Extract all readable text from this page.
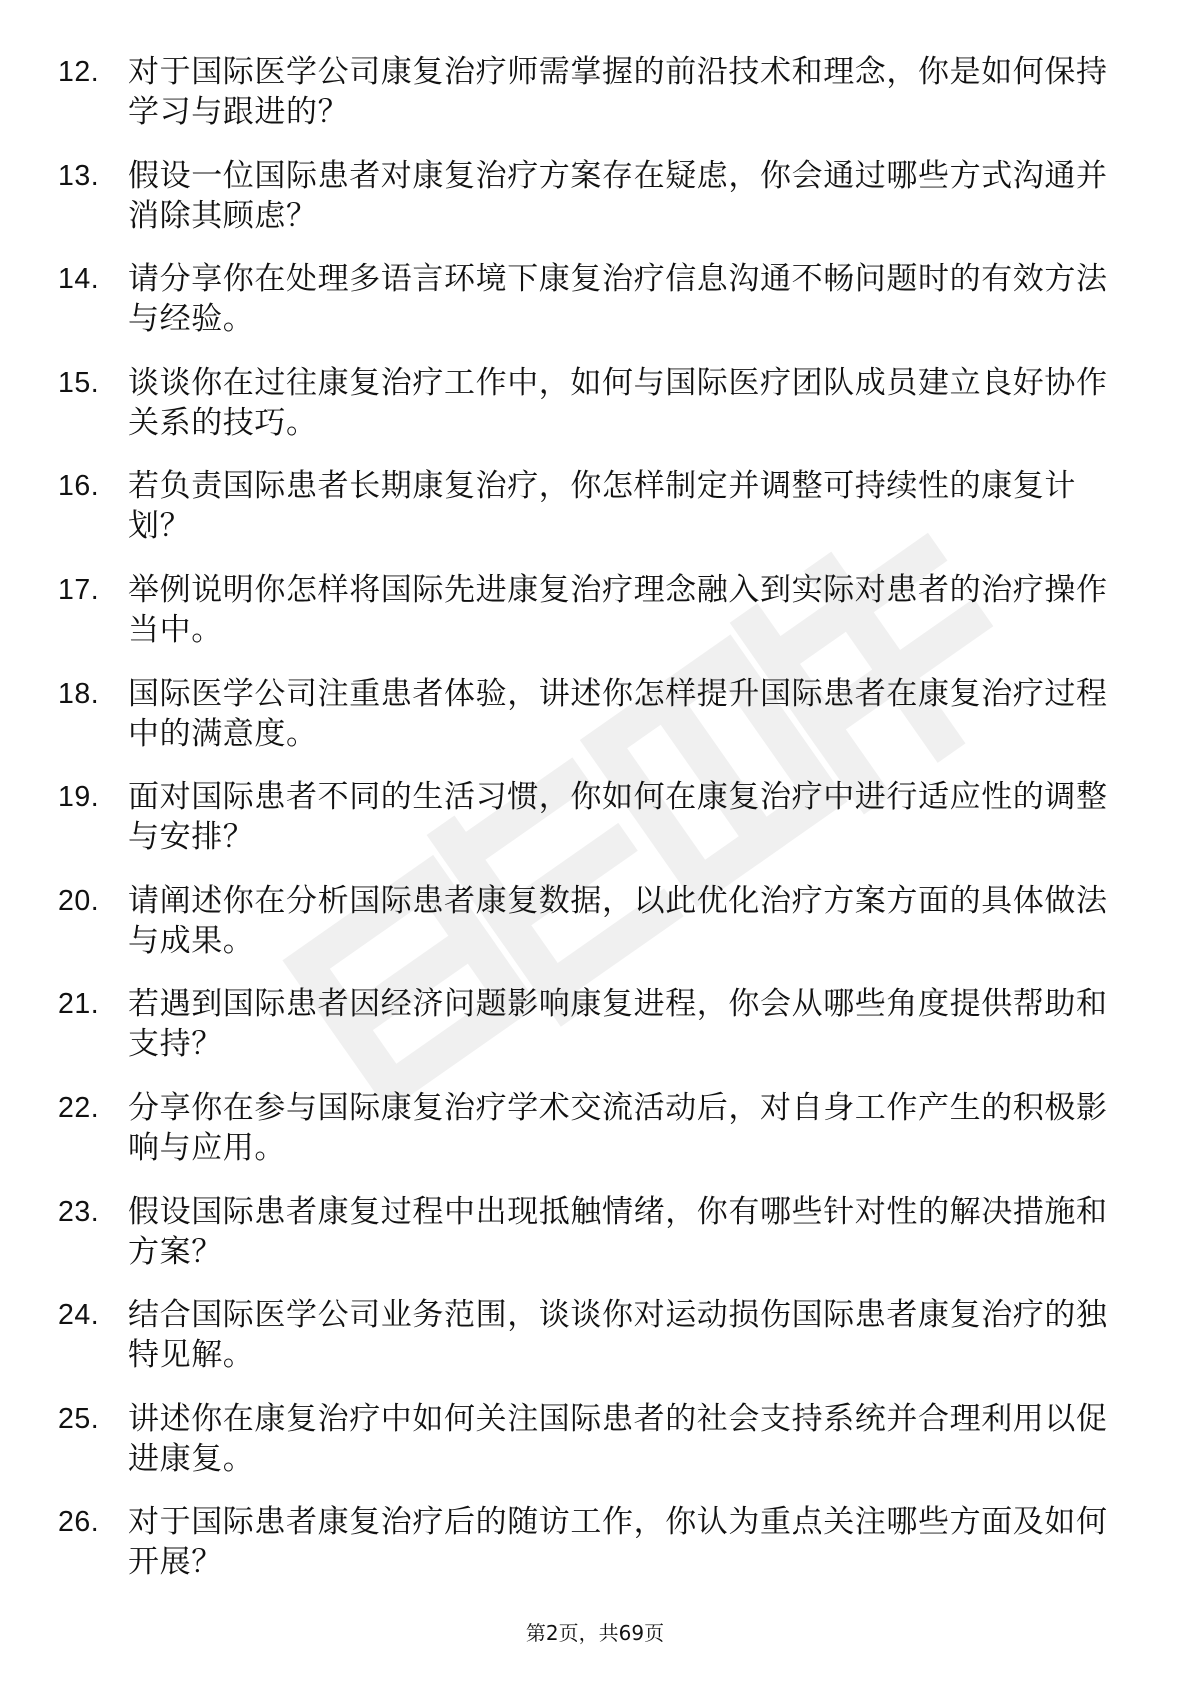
12. 对于国际医学公司康复治疗师需掌握的前沿技术和理念，你是如何保持学习与跟进的？
13. 假设一位国际患者对康复治疗方案存在疑虑，你会通过哪些方式沟通并消除其顾虑？
14. 请分享你在处理多语言环境下康复治疗信息沟通不畅问题时的有效方法与经验。
15. 谈谈你在过往康复治疗工作中，如何与国际医疗团队成员建立良好协作关系的技巧。
16. 若负责国际患者长期康复治疗，你怎样制定并调整可持续性的康复计划？
17. 举例说明你怎样将国际先进康复治疗理念融入到实际对患者的治疗操作当中。
18. 国际医学公司注重患者体验，讲述你怎样提升国际患者在康复治疗过程中的满意度。
19. 面对国际患者不同的生活习惯，你如何在康复治疗中进行适应性的调整与安排？
20. 请阐述你在分析国际患者康复数据，以此优化治疗方案方面的具体做法与成果。
21. 若遇到国际患者因经济问题影响康复进程，你会从哪些角度提供帮助和支持？
22. 分享你在参与国际康复治疗学术交流活动后，对自身工作产生的积极影响与应用。
23. 假设国际患者康复过程中出现抵触情绪，你有哪些针对性的解决措施和方案？
24. 结合国际医学公司业务范围，谈谈你对运动损伤国际患者康复治疗的独特见解。
25. 讲述你在康复治疗中如何关注国际患者的社会支持系统并合理利用以促进康复。
26. 对于国际患者康复治疗后的随访工作，你认为重点关注哪些方面及如何开展？
第2页，共69页
